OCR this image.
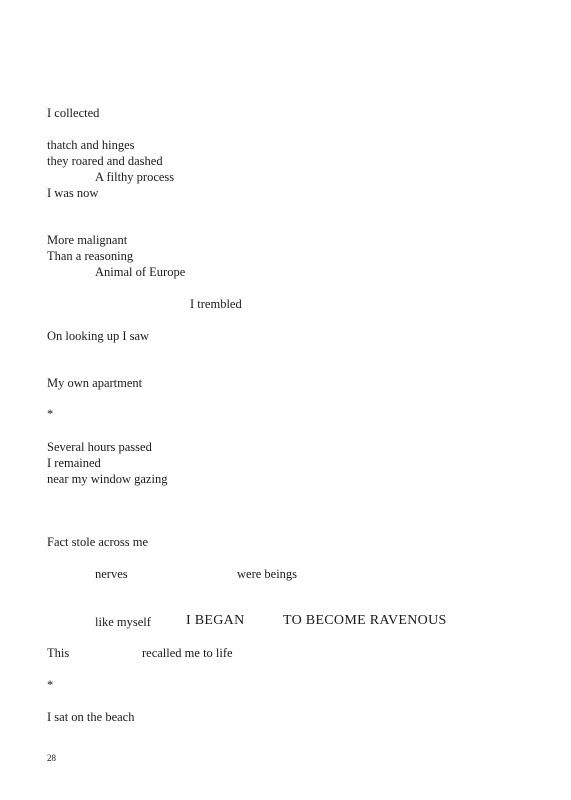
I collected
thatch and hinges
they roared and dashed
A filthy process
I was now
More malignant
Than a reasoning
Animal of Europe
I trembled
On looking up I saw
My own apartment
*
Several hours passed
I remained
near my window gazing
Fact stole across me
nerves	were beings
like myself	I BEGAN	TO BECOME RAVENOUS
This	recalled me to life
*
I sat on the beach
28
